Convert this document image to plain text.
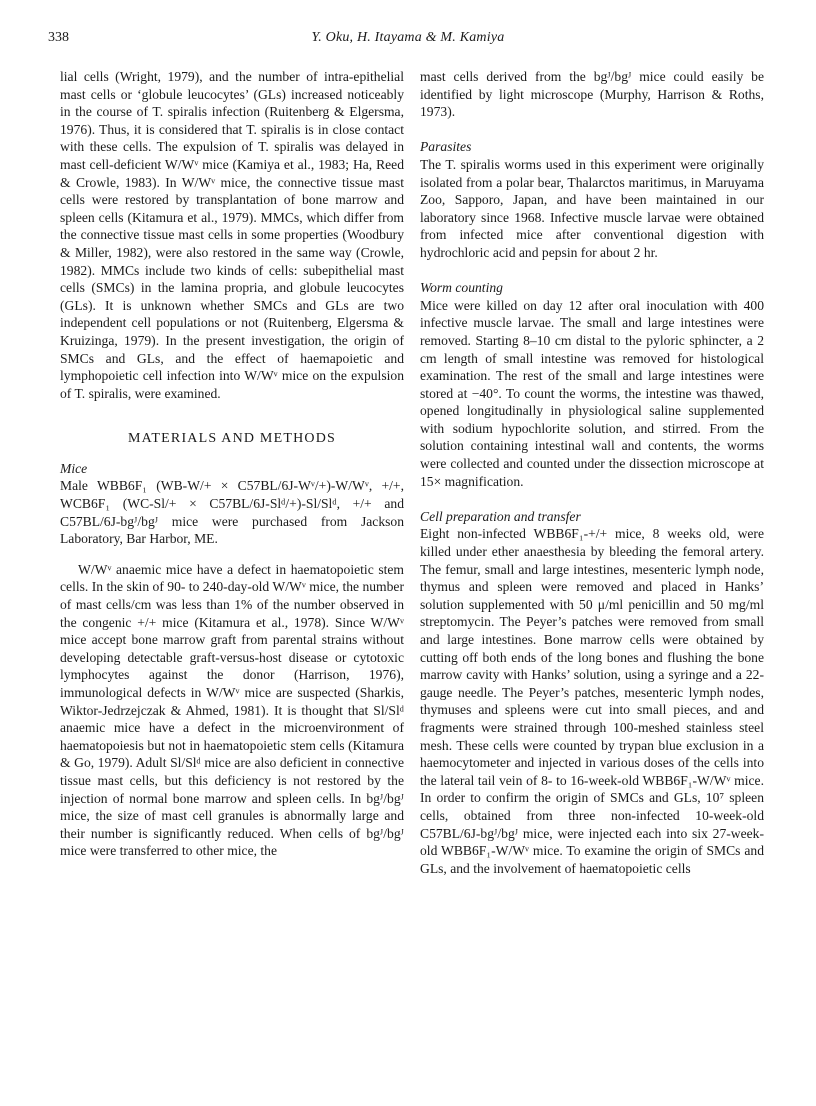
338	Y. Oku, H. Itayama & M. Kamiya

lial cells (Wright, 1979), and the number of intra-epithelial mast cells or ‘globule leucocytes’ (GLs) increased noticeably in the course of T. spiralis infection (Ruitenberg & Elgersma, 1976). Thus, it is considered that T. spiralis is in close contact with these cells. The expulsion of T. spiralis was delayed in mast cell-deficient W/Wᵛ mice (Kamiya et al., 1983; Ha, Reed & Crowle, 1983). In W/Wᵛ mice, the connective tissue mast cells were restored by transplantation of bone marrow and spleen cells (Kitamura et al., 1979). MMCs, which differ from the connective tissue mast cells in some properties (Woodbury & Miller, 1982), were also restored in the same way (Crowle, 1982). MMCs include two kinds of cells: subepithelial mast cells (SMCs) in the lamina propria, and globule leucocytes (GLs). It is unknown whether SMCs and GLs are two independent cell populations or not (Ruitenberg, Elgersma & Kruizinga, 1979). In the present investigation, the origin of SMCs and GLs, and the effect of haemapoietic and lymphopoietic cell infection into W/Wᵛ mice on the expulsion of T. spiralis, were examined.

MATERIALS AND METHODS
Mice

Male WBB6F₁ (WB-W/+ × C57BL/6J-Wᵛ/+)-W/Wᵛ, +/+, WCB6F₁ (WC-Sl/+ × C57BL/6J-Slᵈ/+)-Sl/Slᵈ, +/+ and C57BL/6J-bgᴶ/bgᴶ mice were purchased from Jackson Laboratory, Bar Harbor, ME.

W/Wᵛ anaemic mice have a defect in haematopoietic stem cells. In the skin of 90- to 240-day-old W/Wᵛ mice, the number of mast cells/cm was less than 1% of the number observed in the congenic +/+ mice (Kitamura et al., 1978). Since W/Wᵛ mice accept bone marrow graft from parental strains without developing detectable graft-versus-host disease or cytotoxic lymphocytes against the donor (Harrison, 1976), immunological defects in W/Wᵛ mice are suspected (Sharkis, Wiktor-Jedrzejczak & Ahmed, 1981). It is thought that Sl/Slᵈ anaemic mice have a defect in the microenvironment of haematopoiesis but not in haematopoietic stem cells (Kitamura & Go, 1979). Adult Sl/Slᵈ mice are also deficient in connective tissue mast cells, but this deficiency is not restored by the injection of normal bone marrow and spleen cells. In bgᴶ/bgᴶ mice, the size of mast cell granules is abnormally large and their number is significantly reduced. When cells of bgᴶ/bgᴶ mice were transferred to other mice, the

mast cells derived from the bgᴶ/bgᴶ mice could easily be identified by light microscope (Murphy, Harrison & Roths, 1973).

Parasites

The T. spiralis worms used in this experiment were originally isolated from a polar bear, Thalarctos maritimus, in Maruyama Zoo, Sapporo, Japan, and have been maintained in our laboratory since 1968. Infective muscle larvae were obtained from infected mice after conventional digestion with hydrochloric acid and pepsin for about 2 hr.

Worm counting

Mice were killed on day 12 after oral inoculation with 400 infective muscle larvae. The small and large intestines were removed. Starting 8–10 cm distal to the pyloric sphincter, a 2 cm length of small intestine was removed for histological examination. The rest of the small and large intestines were stored at −40°. To count the worms, the intestine was thawed, opened longitudinally in physiological saline supplemented with sodium hypochlorite solution, and stirred. From the solution containing intestinal wall and contents, the worms were collected and counted under the dissection microscope at 15× magnification.

Cell preparation and transfer

Eight non-infected WBB6F₁-+/+ mice, 8 weeks old, were killed under ether anaesthesia by bleeding the femoral artery. The femur, small and large intestines, mesenteric lymph node, thymus and spleen were removed and placed in Hanks’ solution supplemented with 50 μ/ml penicillin and 50 mg/ml streptomycin. The Peyer’s patches were removed from small and large intestines. Bone marrow cells were obtained by cutting off both ends of the long bones and flushing the bone marrow cavity with Hanks’ solution, using a syringe and a 22-gauge needle. The Peyer’s patches, mesenteric lymph nodes, thymuses and spleens were cut into small pieces, and and fragments were strained through 100-meshed stainless steel mesh. These cells were counted by trypan blue exclusion in a haemocytometer and injected in various doses of the cells into the lateral tail vein of 8- to 16-week-old WBB6F₁-W/Wᵛ mice. In order to confirm the origin of SMCs and GLs, 10⁷ spleen cells, obtained from three non-infected 10-week-old C57BL/6J-bgᴶ/bgᴶ mice, were injected each into six 27-week-old WBB6F₁-W/Wᵛ mice. To examine the origin of SMCs and GLs, and the involvement of haematopoietic cells
